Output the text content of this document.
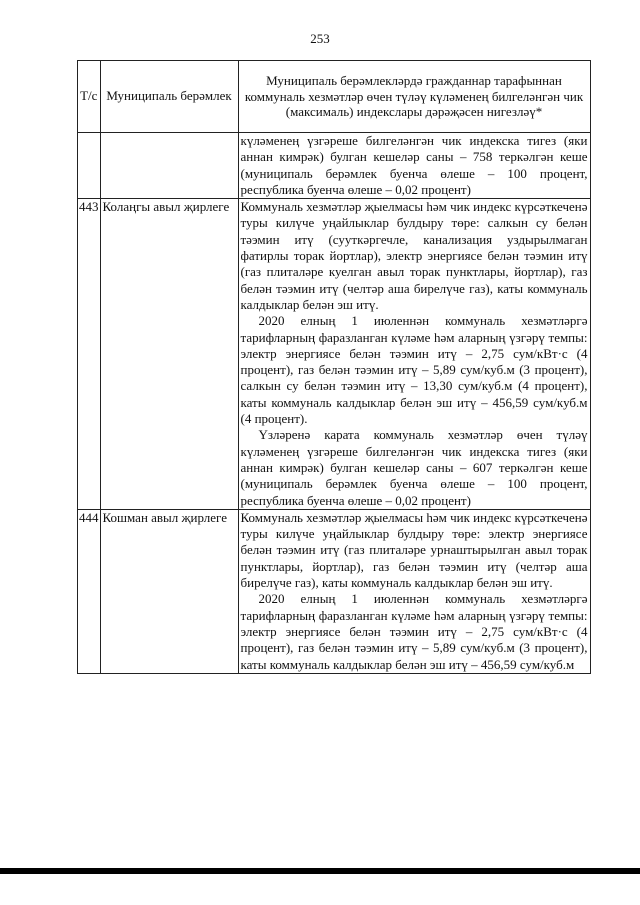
253
Т/с	Муниципаль берәмлек	Муниципаль берәмлекләрдә гражданнар тарафыннан коммуналь хезмәтләр өчен түләү күләменең билгеләнгән чик (максималь) индекслары дәрәҗәсен нигезләү*

		күләменең үзгәреше билгеләнгән чик индекска тигез (яки аннан кимрәк) булган кешеләр саны – 758 теркәлгән кеше (муниципаль берәмлек буенча өлеше – 100 процент, республика буенча өлеше – 0,02 процент)

443	Колаңгы авыл җирлеге	Коммуналь хезмәтләр җыелмасы һәм чик индекс күрсәткеченә туры килүче уңайлыклар булдыру төре: салкын су белән тәэмин итү (сууткәргечле, канализация уздырылмаган фатирлы торак йортлар), электр энергиясе белән тәэмин итү (газ плиталәре куелган авыл торак пунктлары, йортлар), газ белән тәэмин итү (челтәр аша бирелүче газ), каты коммуналь калдыклар белән эш итү.

2020 елның 1 июленнән коммуналь хезмәтләргә тарифларның фаразланган күләме һәм аларның үзгәрү темпы: электр энергиясе белән тәэмин итү – 2,75 сум/кВт·с (4 процент), газ белән тәэмин итү – 5,89 сум/куб.м (3 процент), салкын су белән тәэмин итү – 13,30 сум/куб.м (4 процент), каты коммуналь калдыклар белән эш итү – 456,59 сум/куб.м (4 процент).

Үзләренә карата коммуналь хезмәтләр өчен түләү күләменең үзгәреше билгеләнгән чик индекска тигез (яки аннан кимрәк) булган кешеләр саны – 607 теркәлгән кеше (муниципаль берәмлек буенча өлеше – 100 процент, республика буенча өлеше – 0,02 процент)

444	Кошман авыл җирлеге	Коммуналь хезмәтләр җыелмасы һәм чик индекс күрсәткеченә туры килүче уңайлыклар булдыру төре: электр энергиясе белән тәэмин итү (газ плиталәре урнаштырылган авыл торак пунктлары, йортлар), газ белән тәэмин итү (челтәр аша бирелүче газ), каты коммуналь калдыклар белән эш итү.

2020 елның 1 июленнән коммуналь хезмәтләргә тарифларның фаразланган күләме һәм аларның үзгәрү темпы: электр энергиясе белән тәэмин итү – 2,75 сум/кВт·с (4 процент), газ белән тәэмин итү – 5,89 сум/куб.м (3 процент), каты коммуналь калдыклар белән эш итү – 456,59 сум/куб.м
